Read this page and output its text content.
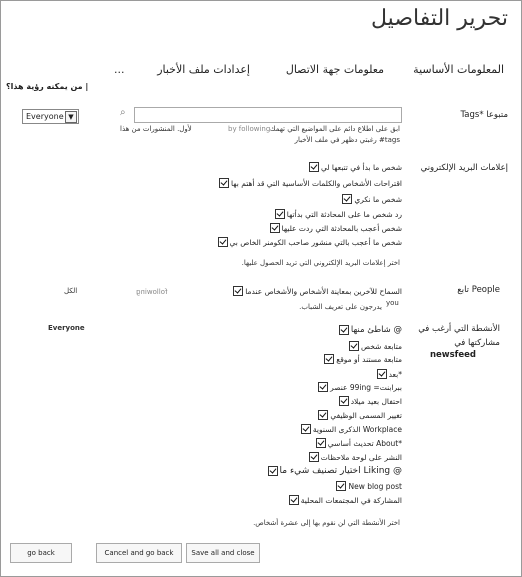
تحرير التفاصيل
المعلومات الأساسية
معلومات جهة الاتصال
إعدادات ملف الأخبار
...
من يمكنه رؤية هذا؟ |
متبوعا *Tags
⌕
Everyone ▼
ابق على اطلاع دائم على المواضيع التي تهمك
by following
لأول. المنشورات من هذا
tags# رغبتي دظهر في ملف الأخبار
إعلامات البريد الإلكتروني
شخص ما بدأ في تتبعها لي
اقتراحات الأشخاص والكلمات الأساسية التي قد أهتم بها
شخص ما نكري
رد شخص ما على المحادثة التي بدأتها
شخص أعجب بالمحادثة التي ردت عليها
شخص ما أعجب بالتي منشور صاحب الكومنر الخاص بي
اختر إعلامات البريد الإلكتروني التي تريد الحصول عليها.
People تابع
السماح للآخرين بمعاينة الأشخاص والأشخاص عندما
following
الكل
you
يدرجون على تعريف الشباب.
الأنشطة التي أرغب في
مشاركتها في
newsfeed
Everyone	@ شاطئ منها
متابعة شخص
متابعة مستند أو موقع
*بعد
ببرابنت= 99ing عنصر
احتفال بعيد ميلاد
تغيير المسمى الوظيفي
Workplace الذكرى السنوية
*About تحديث أساسي
النشر على لوحة ملاحظات
@ Liking اختيار تصنيف شيء ما
New blog post
المشاركة في المجتمعات المحلية
اختر الأنشطة التي لن نقوم بها إلى عشرة أشخاص.
Save all and close
Cancel and go back
go back
